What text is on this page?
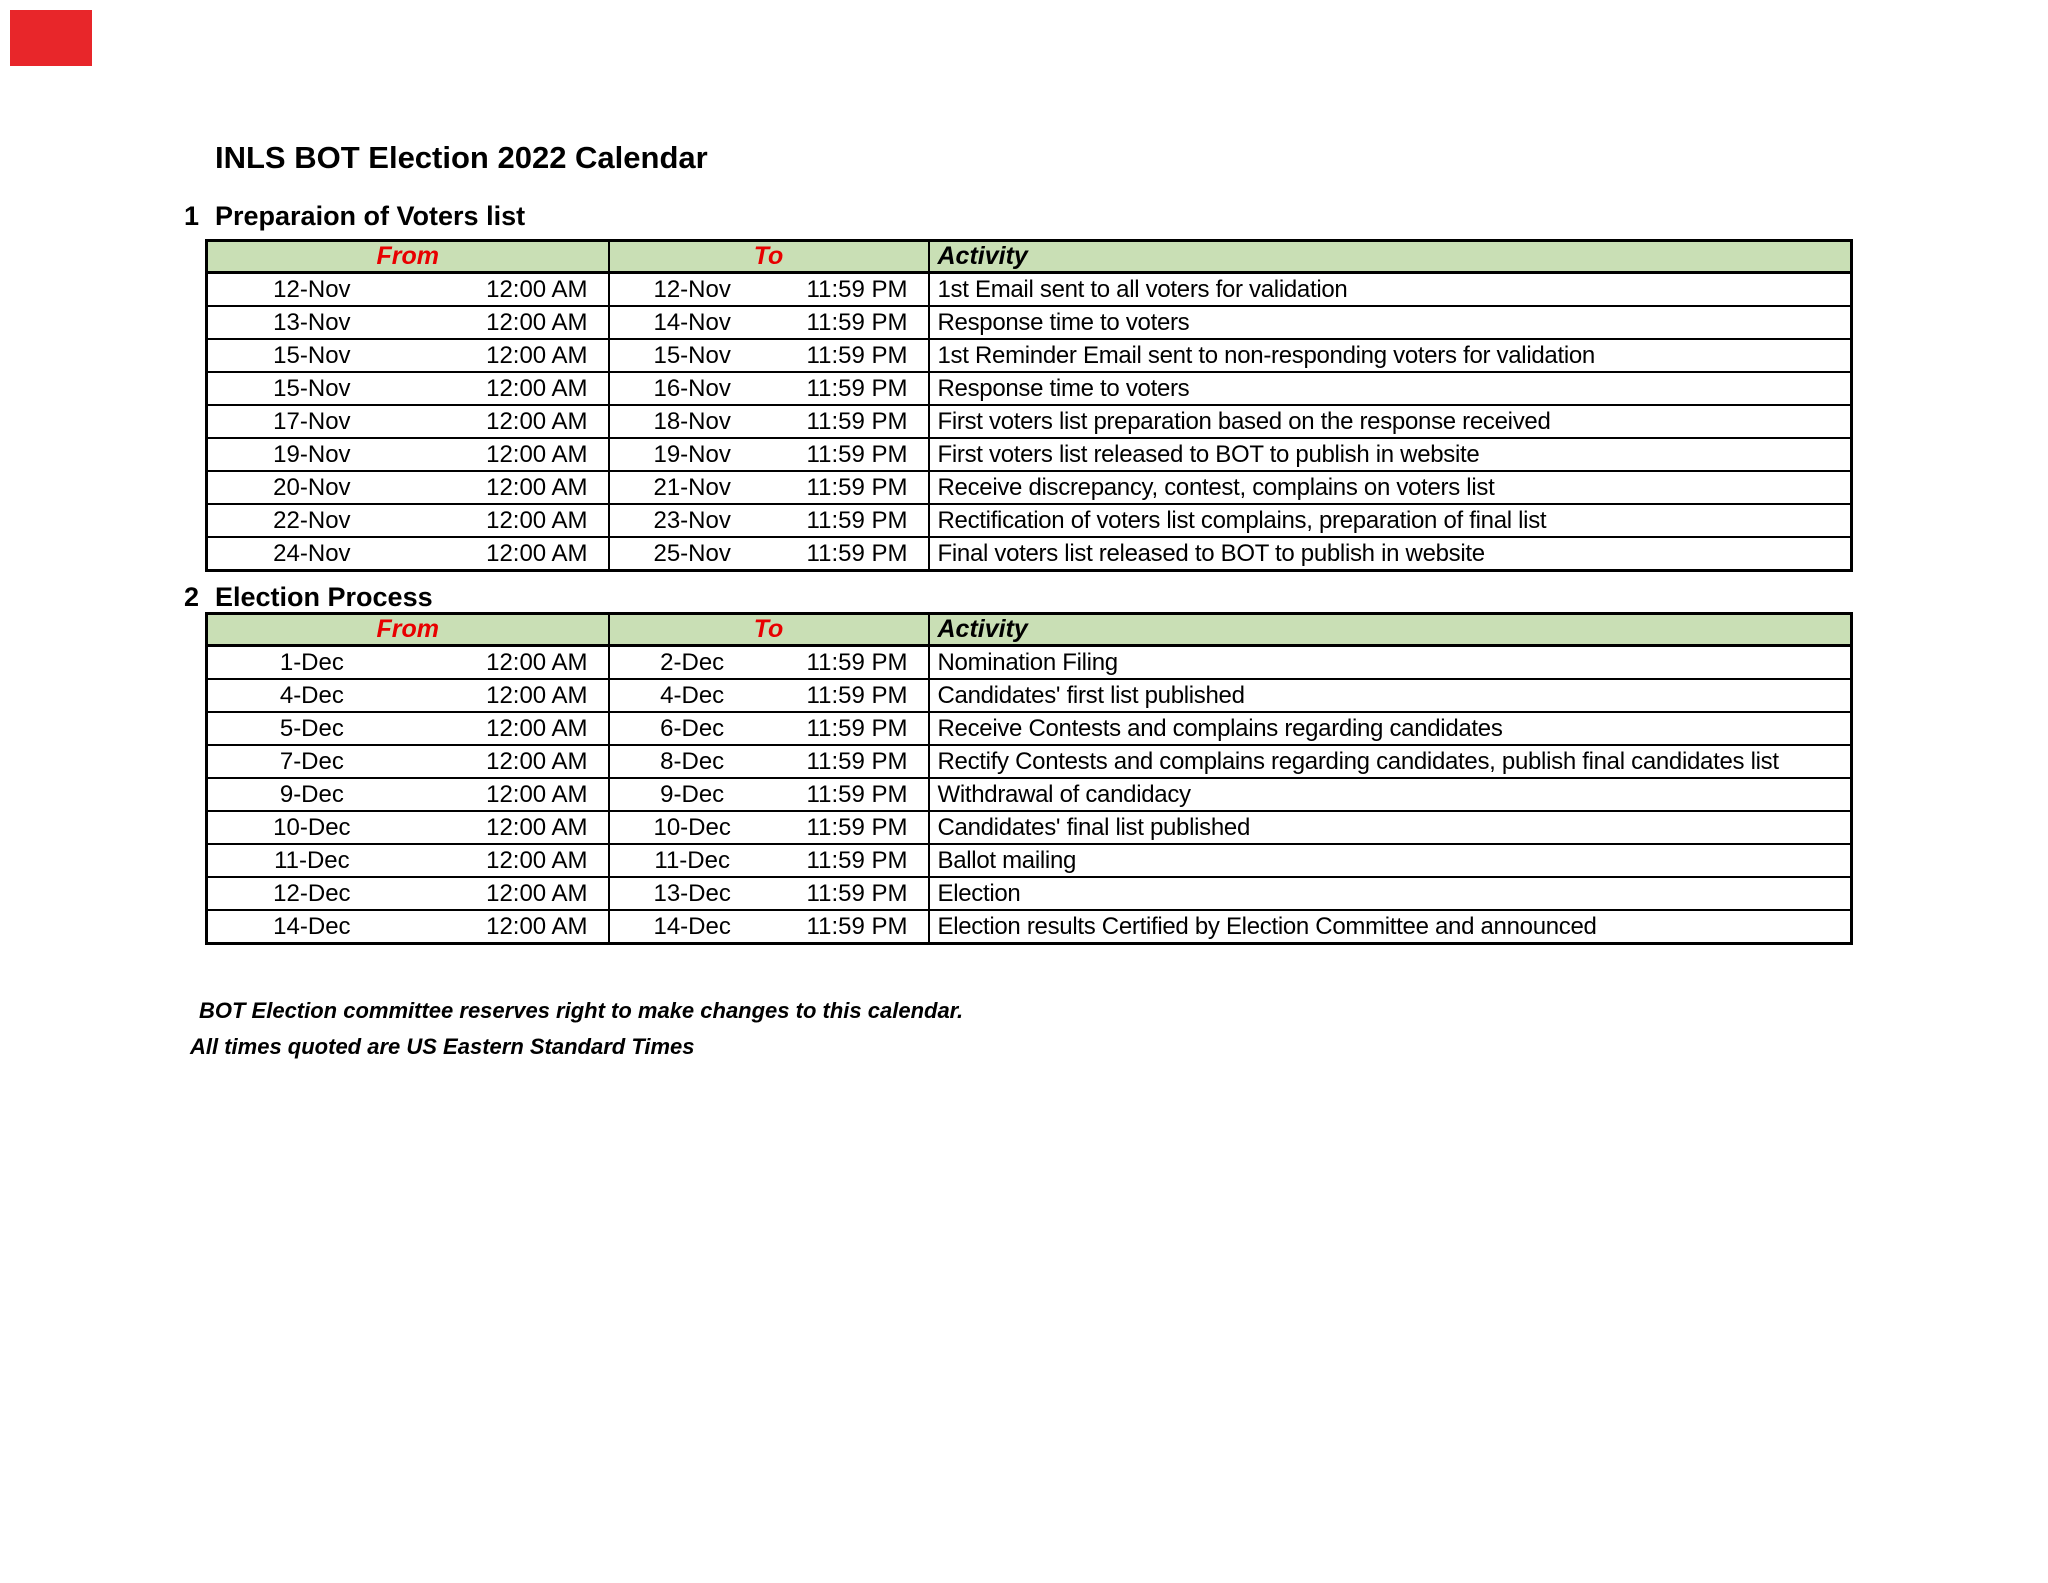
INLS BOT Election 2022 Calendar
1 Preparaion of Voters list
From	To	Activity

12-Nov 12:00 AM	12-Nov 11:59 PM	1st Email sent to all voters for validation

13-Nov 12:00 AM	14-Nov 11:59 PM	Response time to voters

15-Nov 12:00 AM	15-Nov 11:59 PM	1st Reminder Email sent to non-responding voters for validation

15-Nov 12:00 AM	16-Nov 11:59 PM	Response time to voters

17-Nov 12:00 AM	18-Nov 11:59 PM	First voters list preparation based on the response received

19-Nov 12:00 AM	19-Nov 11:59 PM	First voters list released to BOT to publish in website

20-Nov 12:00 AM	21-Nov 11:59 PM	Receive discrepancy, contest, complains on voters list

22-Nov 12:00 AM	23-Nov 11:59 PM	Rectification of voters list complains, preparation of final list

24-Nov 12:00 AM	25-Nov 11:59 PM	Final voters list released to BOT to publish in website
2 Election Process
From	To	Activity

1-Dec 12:00 AM	2-Dec 11:59 PM	Nomination Filing

4-Dec 12:00 AM	4-Dec 11:59 PM	Candidates' first list published

5-Dec 12:00 AM	6-Dec 11:59 PM	Receive Contests and complains regarding candidates

7-Dec 12:00 AM	8-Dec 11:59 PM	Rectify Contests and complains regarding candidates, publish final candidates list

9-Dec 12:00 AM	9-Dec 11:59 PM	Withdrawal of candidacy

10-Dec 12:00 AM	10-Dec 11:59 PM	Candidates' final list published

11-Dec 12:00 AM	11-Dec 11:59 PM	Ballot mailing

12-Dec 12:00 AM	13-Dec 11:59 PM	Election

14-Dec 12:00 AM	14-Dec 11:59 PM	Election results Certified by Election Committee and announced
BOT Election committee reserves right to make changes to this calendar.
All times quoted are US Eastern Standard Times
